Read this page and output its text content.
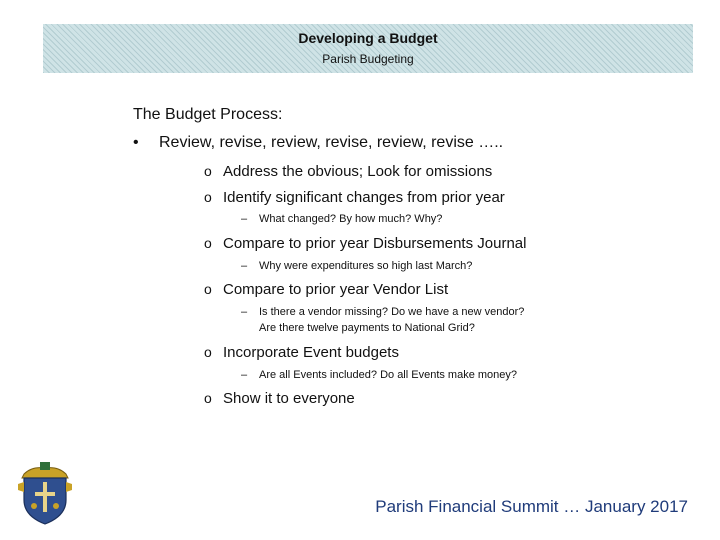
Developing a Budget
Parish Budgeting
The Budget Process:
• Review, revise, review, revise, review, revise …..
o Address the obvious; Look for omissions
o Identify significant changes from prior year
– What changed? By how much? Why?
o Compare to prior year Disbursements Journal
– Why were expenditures so high last March?
o Compare to prior year Vendor List
– Is there a vendor missing? Do we have a new vendor?
Are there twelve payments to National Grid?
o Incorporate Event budgets
– Are all Events included? Do all Events make money?
o Show it to everyone
Parish Financial Summit … January 2017
